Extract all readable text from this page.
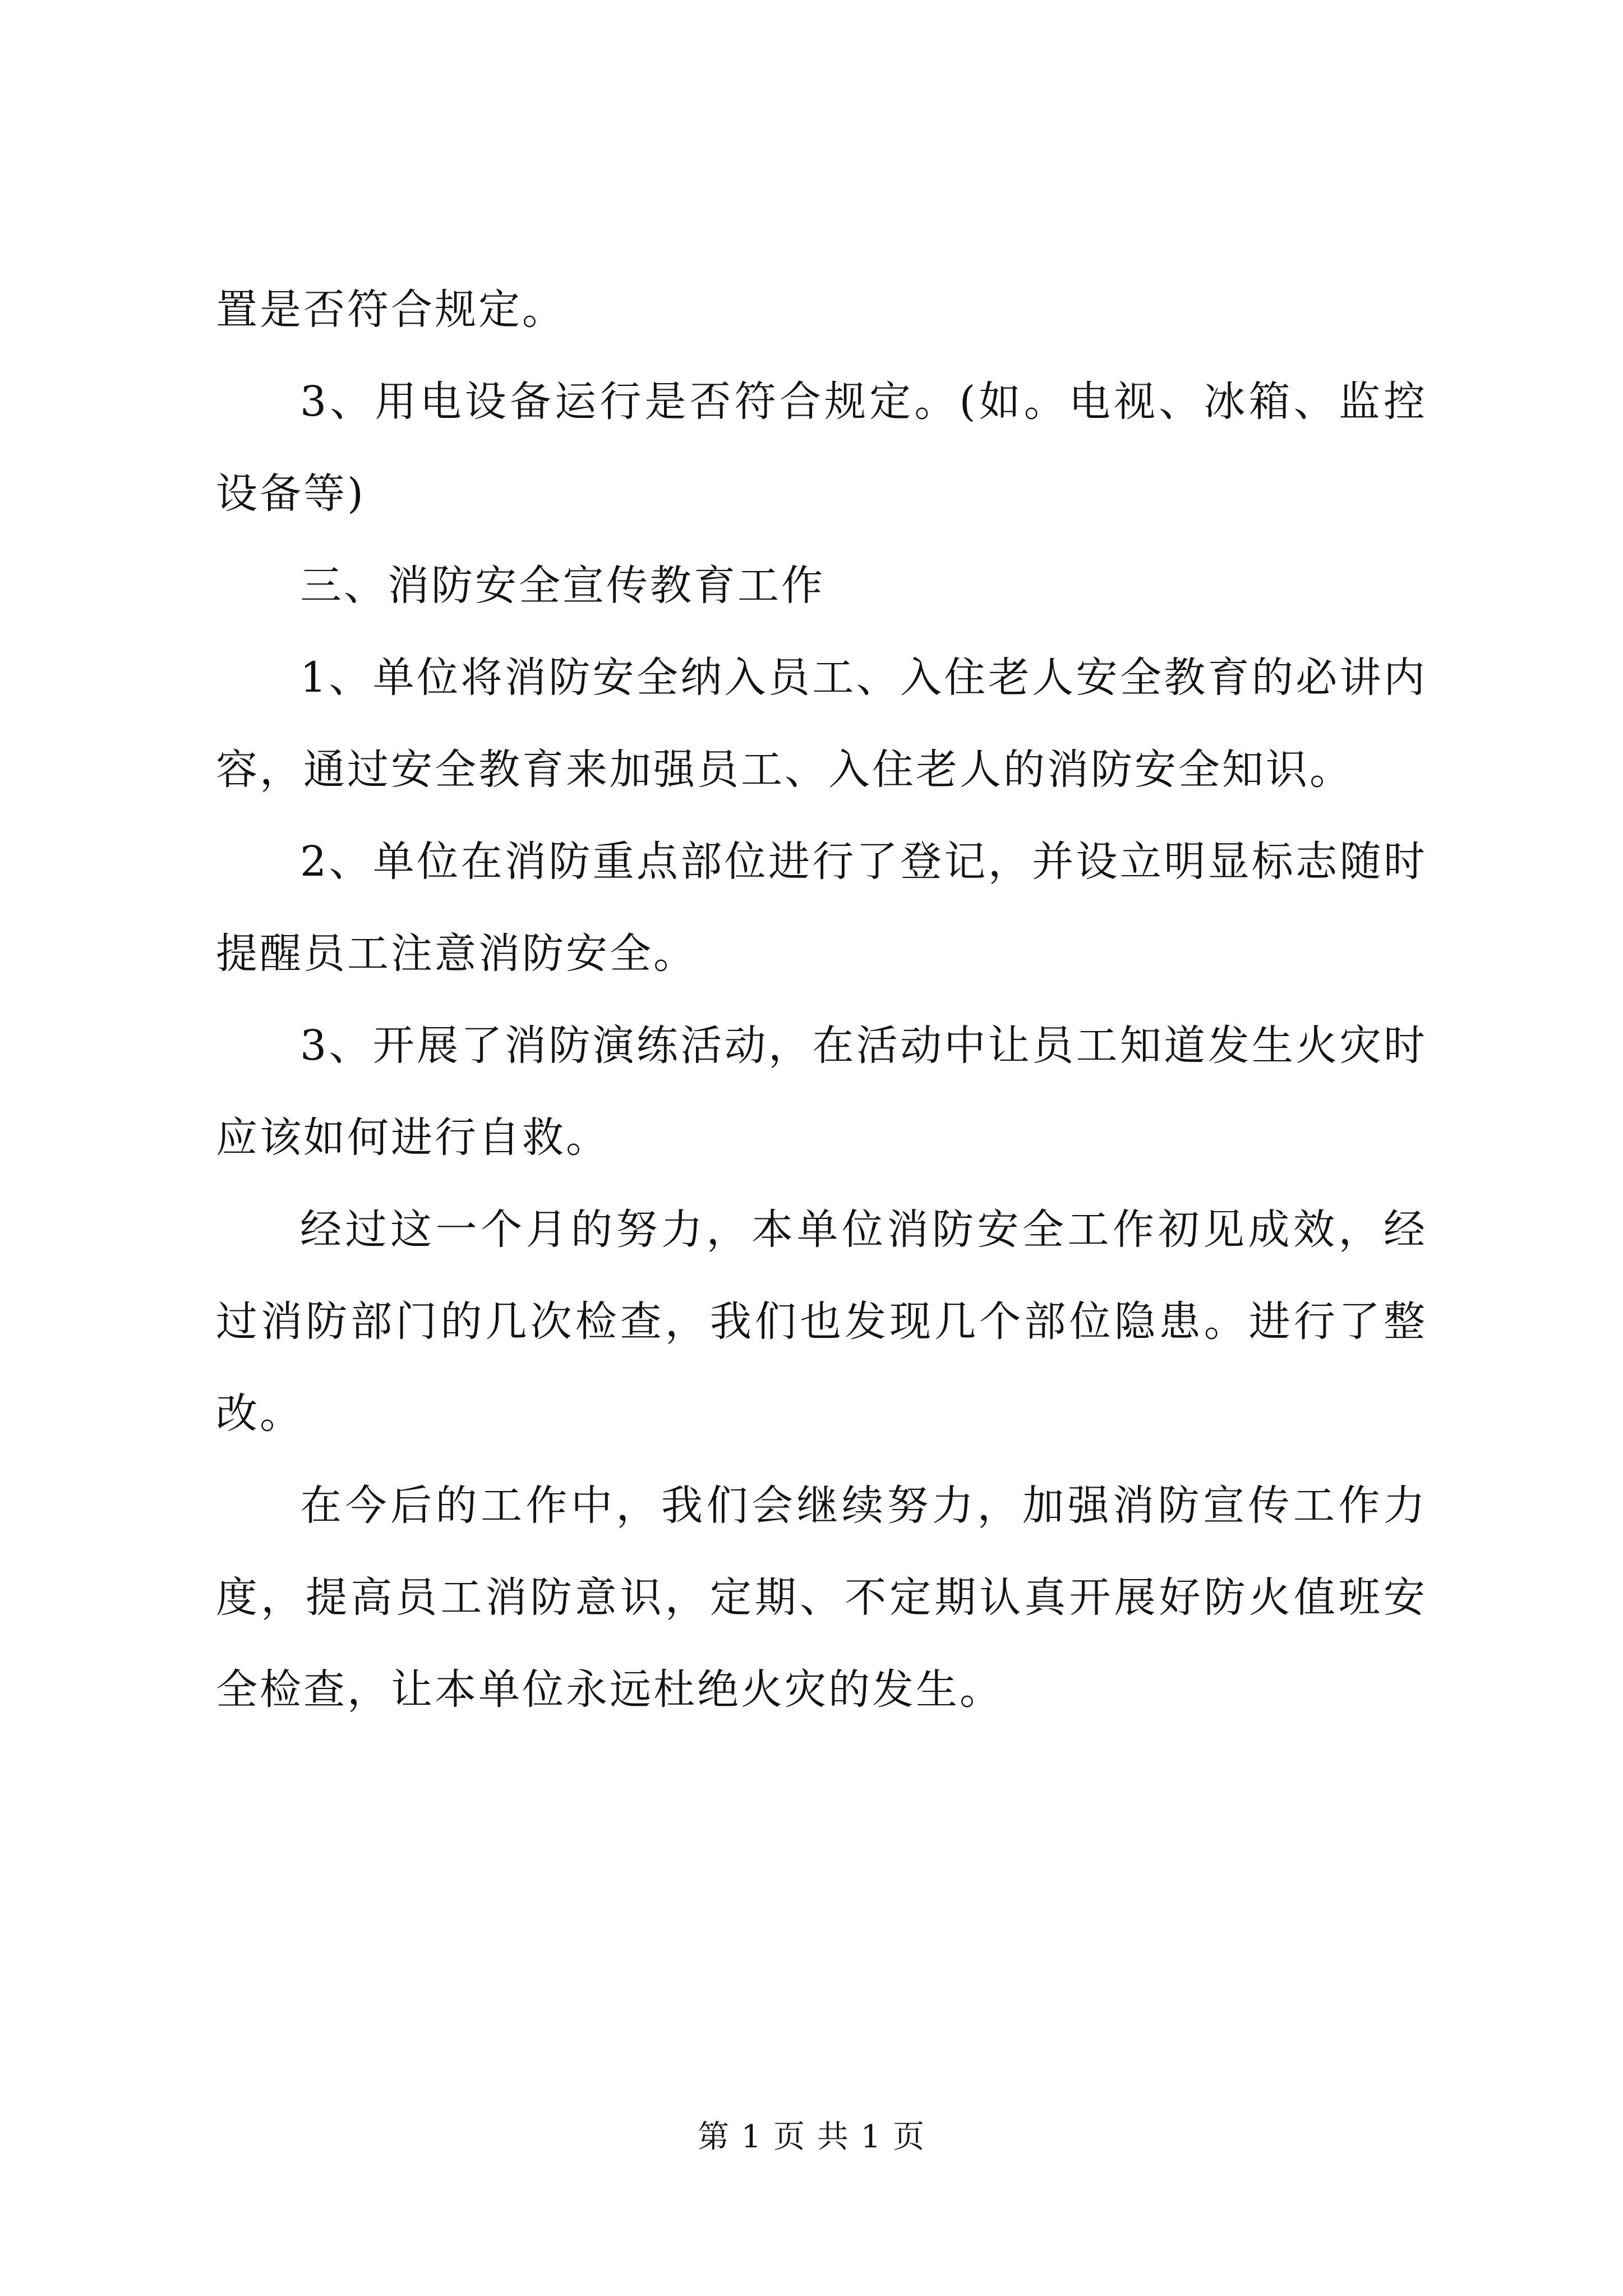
置是否符合规定。

3、用电设备运行是否符合规定。(如。电视、冰箱、监控设备等)

三、消防安全宣传教育工作

1、单位将消防安全纳入员工、入住老人安全教育的必讲内容，通过安全教育来加强员工、入住老人的消防安全知识。

2、单位在消防重点部位进行了登记，并设立明显标志随时提醒员工注意消防安全。

3、开展了消防演练活动，在活动中让员工知道发生火灾时应该如何进行自救。

经过这一个月的努力，本单位消防安全工作初见成效，经过消防部门的几次检查，我们也发现几个部位隐患。进行了整改。

在今后的工作中，我们会继续努力，加强消防宣传工作力度，提高员工消防意识，定期、不定期认真开展好防火值班安全检查，让本单位永远杜绝火灾的发生。

第 1 页 共 1 页
